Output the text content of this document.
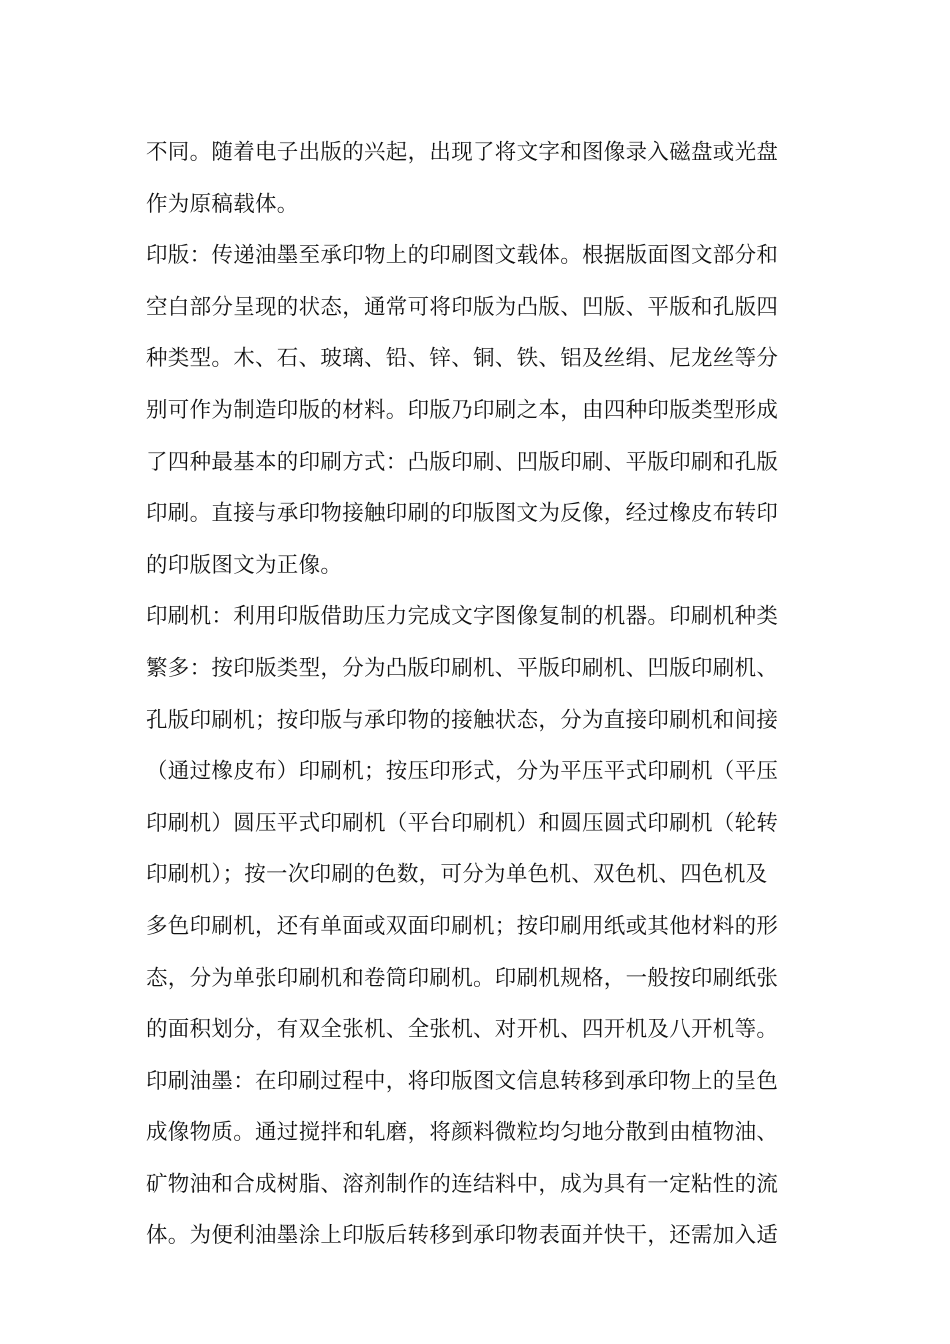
不同。随着电子出版的兴起，出现了将文字和图像录入磁盘或光盘
作为原稿载体。
印版：传递油墨至承印物上的印刷图文载体。根据版面图文部分和
空白部分呈现的状态，通常可将印版为凸版、凹版、平版和孔版四
种类型。木、石、玻璃、铅、锌、铜、铁、铝及丝绢、尼龙丝等分
别可作为制造印版的材料。印版乃印刷之本，由四种印版类型形成
了四种最基本的印刷方式：凸版印刷、凹版印刷、平版印刷和孔版
印刷。直接与承印物接触印刷的印版图文为反像，经过橡皮布转印
的印版图文为正像。
印刷机：利用印版借助压力完成文字图像复制的机器。印刷机种类
繁多：按印版类型，分为凸版印刷机、平版印刷机、凹版印刷机、
孔版印刷机；按印版与承印物的接触状态，分为直接印刷机和间接
（通过橡皮布）印刷机；按压印形式，分为平压平式印刷机（平压
印刷机）圆压平式印刷机（平台印刷机）和圆压圆式印刷机（轮转
印刷机）；按一次印刷的色数，可分为单色机、双色机、四色机及
多色印刷机，还有单面或双面印刷机；按印刷用纸或其他材料的形
态，分为单张印刷机和卷筒印刷机。印刷机规格，一般按印刷纸张
的面积划分，有双全张机、全张机、对开机、四开机及八开机等。
印刷油墨：在印刷过程中，将印版图文信息转移到承印物上的呈色
成像物质。通过搅拌和轧磨，将颜料微粒均匀地分散到由植物油、
矿物油和合成树脂、溶剂制作的连结料中，成为具有一定粘性的流
体。为便利油墨涂上印版后转移到承印物表面并快干，还需加入适
